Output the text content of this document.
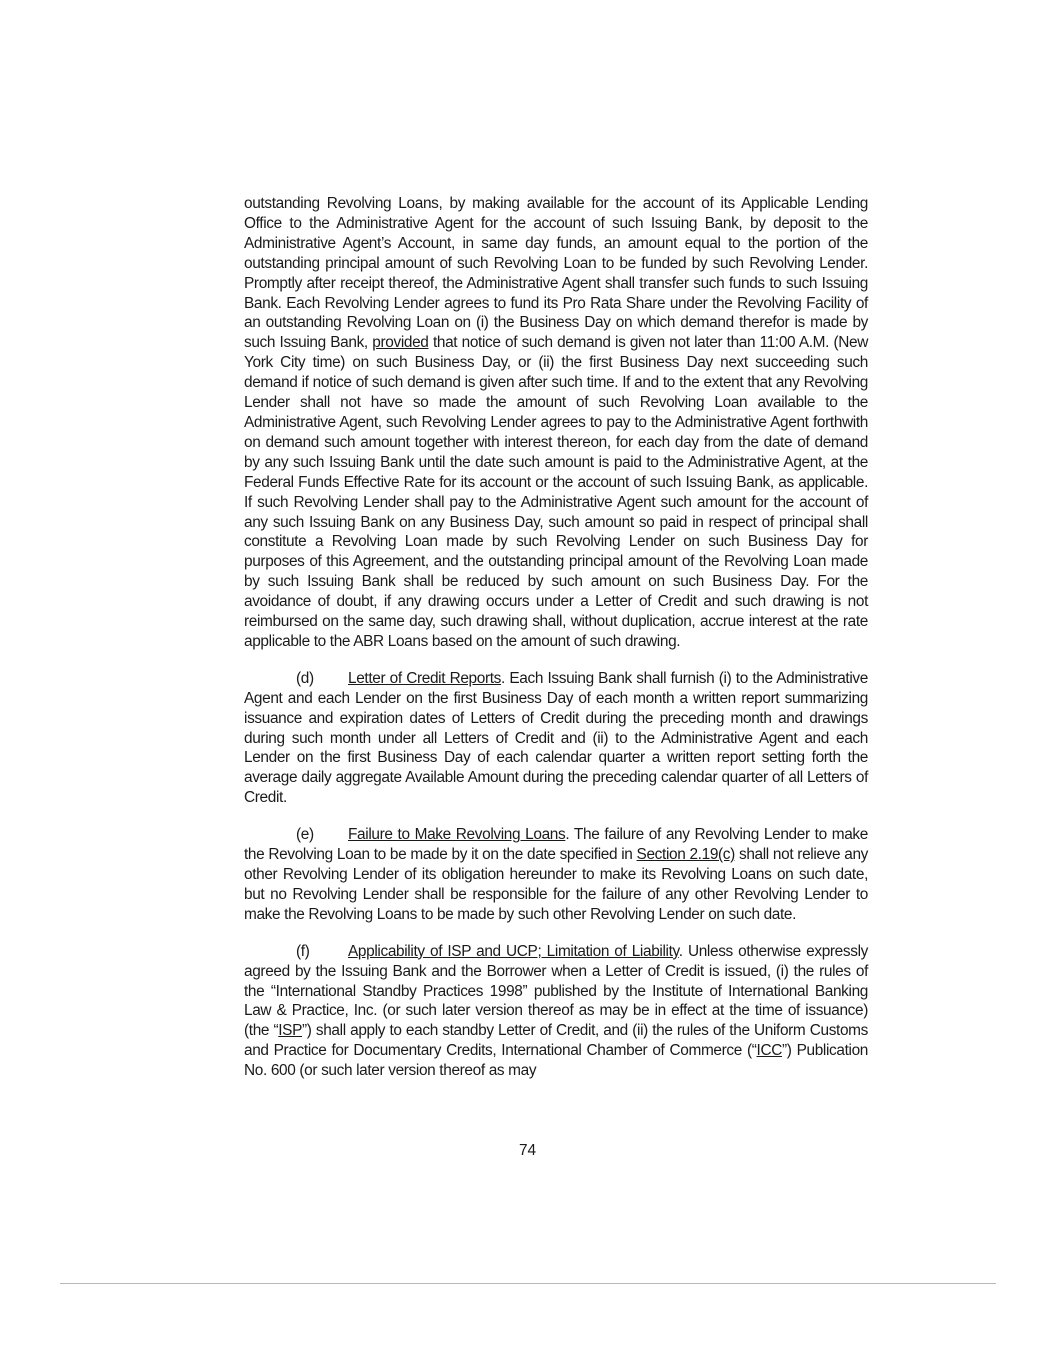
outstanding Revolving Loans, by making available for the account of its Applicable Lending Office to the Administrative Agent for the account of such Issuing Bank, by deposit to the Administrative Agent’s Account, in same day funds, an amount equal to the portion of the outstanding principal amount of such Revolving Loan to be funded by such Revolving Lender. Promptly after receipt thereof, the Administrative Agent shall transfer such funds to such Issuing Bank. Each Revolving Lender agrees to fund its Pro Rata Share under the Revolving Facility of an outstanding Revolving Loan on (i) the Business Day on which demand therefor is made by such Issuing Bank, provided that notice of such demand is given not later than 11:00 A.M. (New York City time) on such Business Day, or (ii) the first Business Day next succeeding such demand if notice of such demand is given after such time. If and to the extent that any Revolving Lender shall not have so made the amount of such Revolving Loan available to the Administrative Agent, such Revolving Lender agrees to pay to the Administrative Agent forthwith on demand such amount together with interest thereon, for each day from the date of demand by any such Issuing Bank until the date such amount is paid to the Administrative Agent, at the Federal Funds Effective Rate for its account or the account of such Issuing Bank, as applicable. If such Revolving Lender shall pay to the Administrative Agent such amount for the account of any such Issuing Bank on any Business Day, such amount so paid in respect of principal shall constitute a Revolving Loan made by such Revolving Lender on such Business Day for purposes of this Agreement, and the outstanding principal amount of the Revolving Loan made by such Issuing Bank shall be reduced by such amount on such Business Day. For the avoidance of doubt, if any drawing occurs under a Letter of Credit and such drawing is not reimbursed on the same day, such drawing shall, without duplication, accrue interest at the rate applicable to the ABR Loans based on the amount of such drawing.

(d) Letter of Credit Reports. Each Issuing Bank shall furnish (i) to the Administrative Agent and each Lender on the first Business Day of each month a written report summarizing issuance and expiration dates of Letters of Credit during the preceding month and drawings during such month under all Letters of Credit and (ii) to the Administrative Agent and each Lender on the first Business Day of each calendar quarter a written report setting forth the average daily aggregate Available Amount during the preceding calendar quarter of all Letters of Credit.

(e) Failure to Make Revolving Loans. The failure of any Revolving Lender to make the Revolving Loan to be made by it on the date specified in Section 2.19(c) shall not relieve any other Revolving Lender of its obligation hereunder to make its Revolving Loans on such date, but no Revolving Lender shall be responsible for the failure of any other Revolving Lender to make the Revolving Loans to be made by such other Revolving Lender on such date.

(f)	Applicability of ISP and UCP; Limitation of Liability. Unless otherwise expressly agreed by the Issuing Bank and the Borrower when a Letter of Credit is issued, (i) the rules of the “International Standby Practices 1998” published by the Institute of International Banking Law & Practice, Inc. (or such later version thereof as may be in effect at the time of issuance) (the “ISP”) shall apply to each standby Letter of Credit, and (ii) the rules of the Uniform Customs and Practice for Documentary Credits, International Chamber of Commerce (“ICC”) Publication No. 600 (or such later version thereof as may

74
